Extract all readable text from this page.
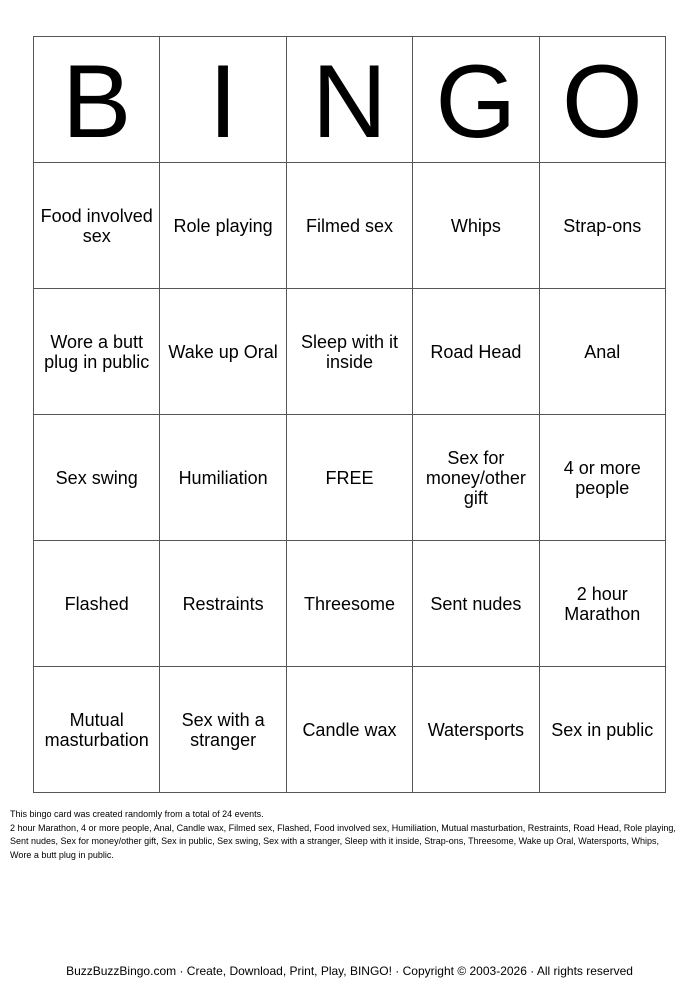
B	I	N	G	O
Food involved sex	Role playing	Filmed sex	Whips	Strap-ons
Wore a butt plug in public	Wake up Oral	Sleep with it inside	Road Head	Anal
Sex swing	Humiliation	FREE	Sex for money/other gift	4 or more people
Flashed	Restraints	Threesome	Sent nudes	2 hour Marathon
Mutual masturbation	Sex with a stranger	Candle wax	Watersports	Sex in public

This bingo card was created randomly from a total of 24 events.

2 hour Marathon, 4 or more people, Anal, Candle wax, Filmed sex, Flashed, Food involved sex, Humiliation, Mutual masturbation, Restraints, Road Head, Role playing, Sent nudes, Sex for money/other gift, Sex in public, Sex swing, Sex with a stranger, Sleep with it inside, Strap-ons, Threesome, Wake up Oral, Watersports, Whips, Wore a butt plug in public.

BuzzBuzzBingo.com · Create, Download, Print, Play, BINGO! · Copyright © 2003-2026 · All rights reserved
